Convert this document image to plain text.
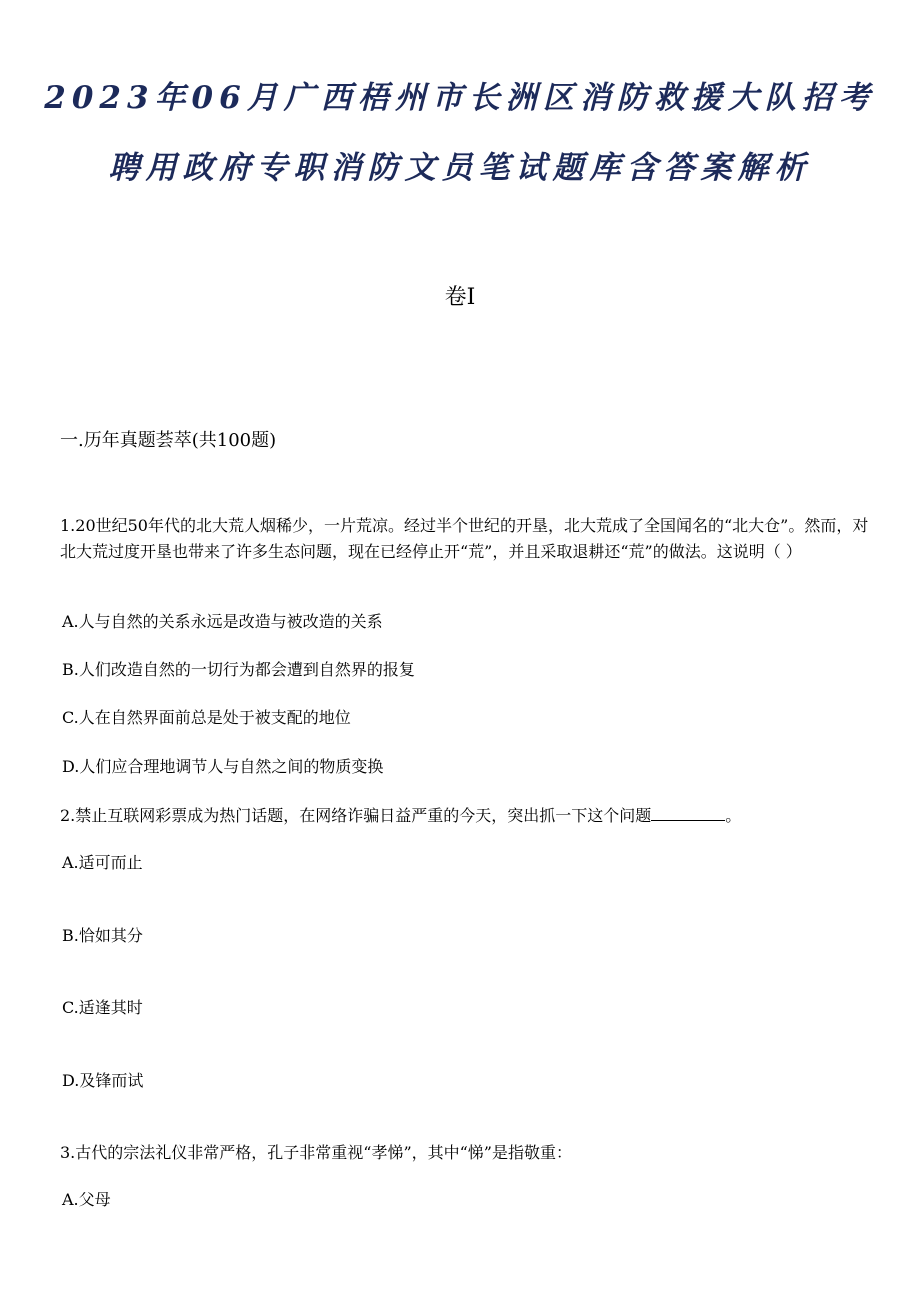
2023年06月广西梧州市长洲区消防救援大队招考
聘用政府专职消防文员笔试题库含答案解析
卷Ⅰ
一.历年真题荟萃(共100题)
1.20世纪50年代的北大荒人烟稀少，一片荒凉。经过半个世纪的开垦，北大荒成了全国闻名的“北大仓”。然而，对北大荒过度开垦也带来了许多生态问题，现在已经停止开“荒”，并且采取退耕还“荒”的做法。这说明（ ）
A.人与自然的关系永远是改造与被改造的关系
B.人们改造自然的一切行为都会遭到自然界的报复
C.人在自然界面前总是处于被支配的地位
D.人们应合理地调节人与自然之间的物质变换
2.禁止互联网彩票成为热门话题，在网络诈骗日益严重的今天，突出抓一下这个问题	。
A.适可而止
B.恰如其分
C.适逢其时
D.及锋而试
3.古代的宗法礼仪非常严格，孔子非常重视“孝悌”，其中“悌”是指敬重：
A.父母
